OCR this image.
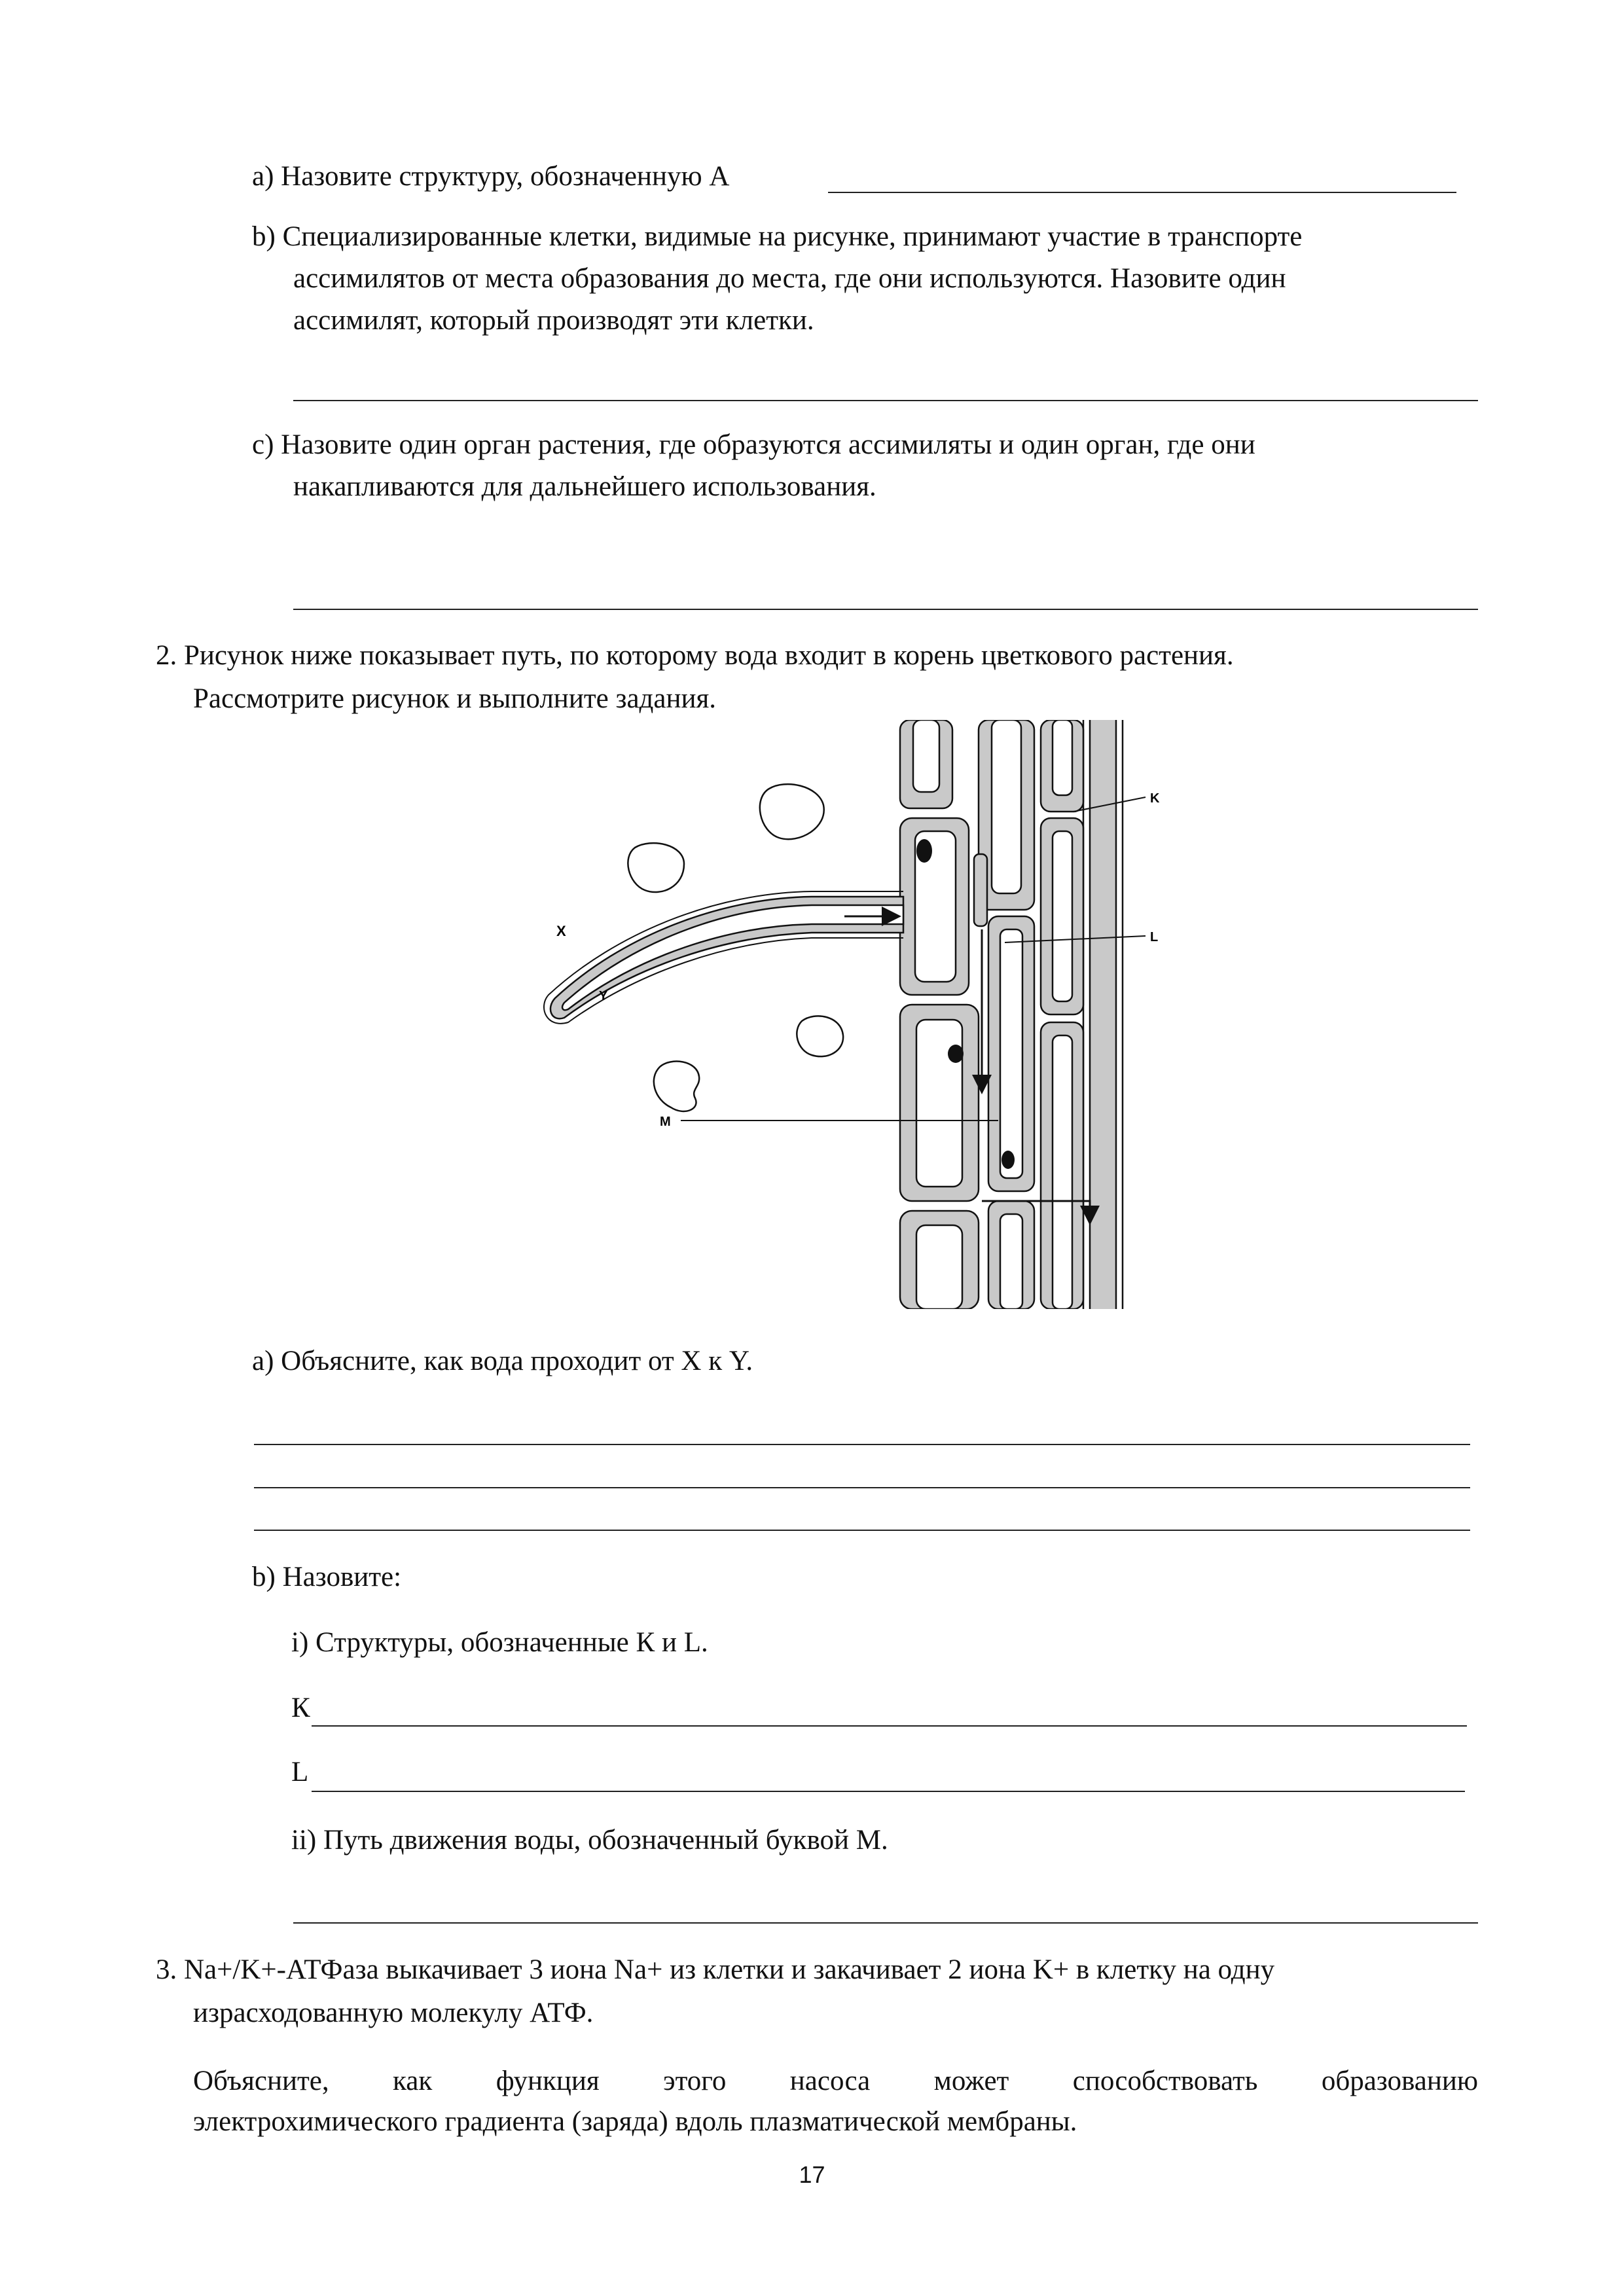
а) Назовите структуру, обозначенную А
b) Специализированные клетки, видимые на рисунке, принимают участие в транспорте
ассимилятов от места образования до места, где они используются. Назовите один
ассимилят, который производят эти клетки.
c) Назовите один орган растения, где образуются ассимиляты и один орган, где они
накапливаются для дальнейшего использования.
2. Рисунок ниже показывает путь, по которому вода входит в корень цветкового растения.
Рассмотрите рисунок и выполните задания.
X
Y
K
L
M
а) Объясните, как вода проходит от X к Y.
b) Назовите:
i) Структуры, обозначенные К и L.
К
L
ii) Путь движения воды, обозначенный буквой М.
3. Na+/K+-АТФаза выкачивает 3 иона Na+ из клетки и закачивает 2 иона K+ в клетку на одну
израсходованную молекулу АТФ.
Объясните, как функция этого насоса может способствовать образованию
электрохимического градиента (заряда) вдоль плазматической мембраны.
17
